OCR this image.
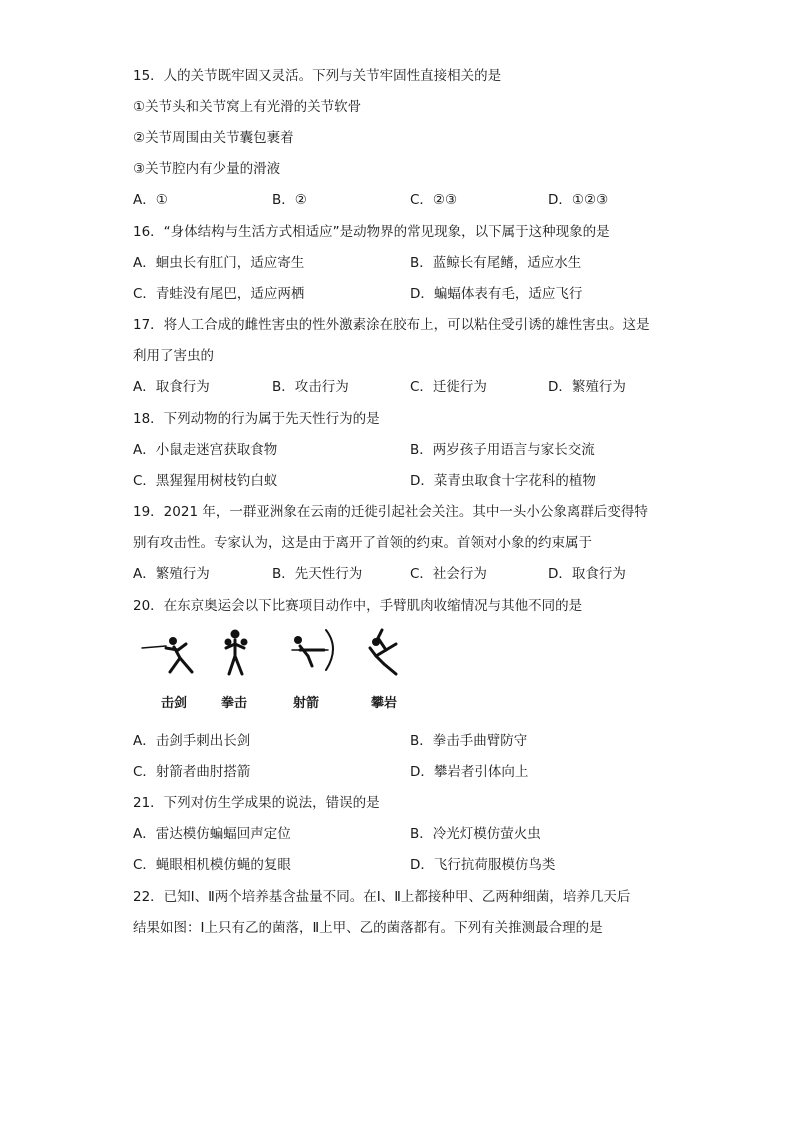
15．人的关节既牢固又灵活。下列与关节牢固性直接相关的是
①关节头和关节窝上有光滑的关节软骨
②关节周围由关节囊包裹着
③关节腔内有少量的滑液
A．①	B．②	C．②③	D．①②③
16．“身体结构与生活方式相适应”是动物界的常见现象，以下属于这种现象的是
A．蛔虫长有肛门，适应寄生	B．蓝鲸长有尾鳍，适应水生
C．青蛙没有尾巴，适应两栖	D．蝙蝠体表有毛，适应飞行
17．将人工合成的雌性害虫的性外激素涂在胶布上，可以粘住受引诱的雄性害虫。这是
利用了害虫的
A．取食行为	B．攻击行为	C．迁徙行为	D．繁殖行为
18．下列动物的行为属于先天性行为的是
A．小鼠走迷宫获取食物	B．两岁孩子用语言与家长交流
C．黑猩猩用树枝钓白蚁	D．菜青虫取食十字花科的植物
19．2021 年，一群亚洲象在云南的迁徙引起社会关注。其中一头小公象离群后变得特
别有攻击性。专家认为，这是由于离开了首领的约束。首领对小象的约束属于
A．繁殖行为	B．先天性行为	C．社会行为	D．取食行为
20．在东京奥运会以下比赛项目动作中，手臂肌肉收缩情况与其他不同的是
击剑	拳击	射箭	攀岩
A．击剑手刺出长剑	B．拳击手曲臂防守
C．射箭者曲肘搭箭	D．攀岩者引体向上
21．下列对仿生学成果的说法，错误的是
A．雷达模仿蝙蝠回声定位	B．冷光灯模仿萤火虫
C．蝇眼相机模仿蝇的复眼	D．飞行抗荷服模仿鸟类
22．已知Ⅰ、Ⅱ两个培养基含盐量不同。在Ⅰ、Ⅱ上都接种甲、乙两种细菌，培养几天后
结果如图：Ⅰ上只有乙的菌落，Ⅱ上甲、乙的菌落都有。下列有关推测最合理的是
